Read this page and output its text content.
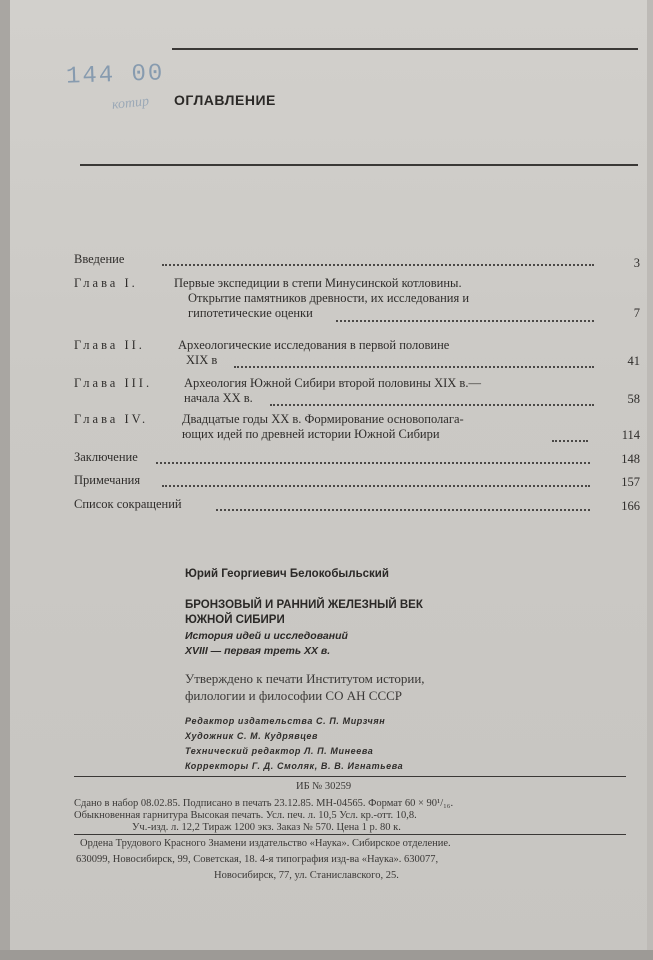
144 00
котир ОГЛАВЛЕНИЕ
Введение	3
Глава I.	Первые экспедиции в степи Минусинской котловины.
Открытие памятников древности, их исследования и
гипотетические оценки	7
Глава II.	Археологические исследования в первой половине
XIX в	41
Глава III.	Археология Южной Сибири второй половины XIX в.—
начала XX в.	58
Глава IV.	Двадцатые годы XX в. Формирование основополага-
ющих идей по древней истории Южной Сибири	114
Заключение	148
Примечания	157
Список сокращений	166
Юрий Георгиевич Белокобыльский
БРОНЗОВЫЙ И РАННИЙ ЖЕЛЕЗНЫЙ ВЕК
ЮЖНОЙ СИБИРИ
История идей и исследований
XVIII — первая треть XX в.
Утверждено к печати Институтом истории,
филологии и философии СО АН СССР
Редактор издательства С. П. Мирзчян
Художник С. М. Кудрявцев
Технический редактор Л. П. Минеева
Корректоры Г. Д. Смоляк, В. В. Игнатьева
ИБ № 30259
Сдано в набор 08.02.85. Подписано в печать 23.12.85. МН-04565. Формат 60 × 90¹/₁₆.
Обыкновенная гарнитура Высокая печать. Усл. печ. л. 10,5 Усл. кр.-отт. 10,8.
Уч.-изд. л. 12,2 Тираж 1200 экз. Заказ № 570. Цена 1 р. 80 к.
Ордена Трудового Красного Знамени издательство «Наука». Сибирское отделение.
630099, Новосибирск, 99, Советская, 18. 4-я типография изд-ва «Наука». 630077,
Новосибирск, 77, ул. Станиславского, 25.
